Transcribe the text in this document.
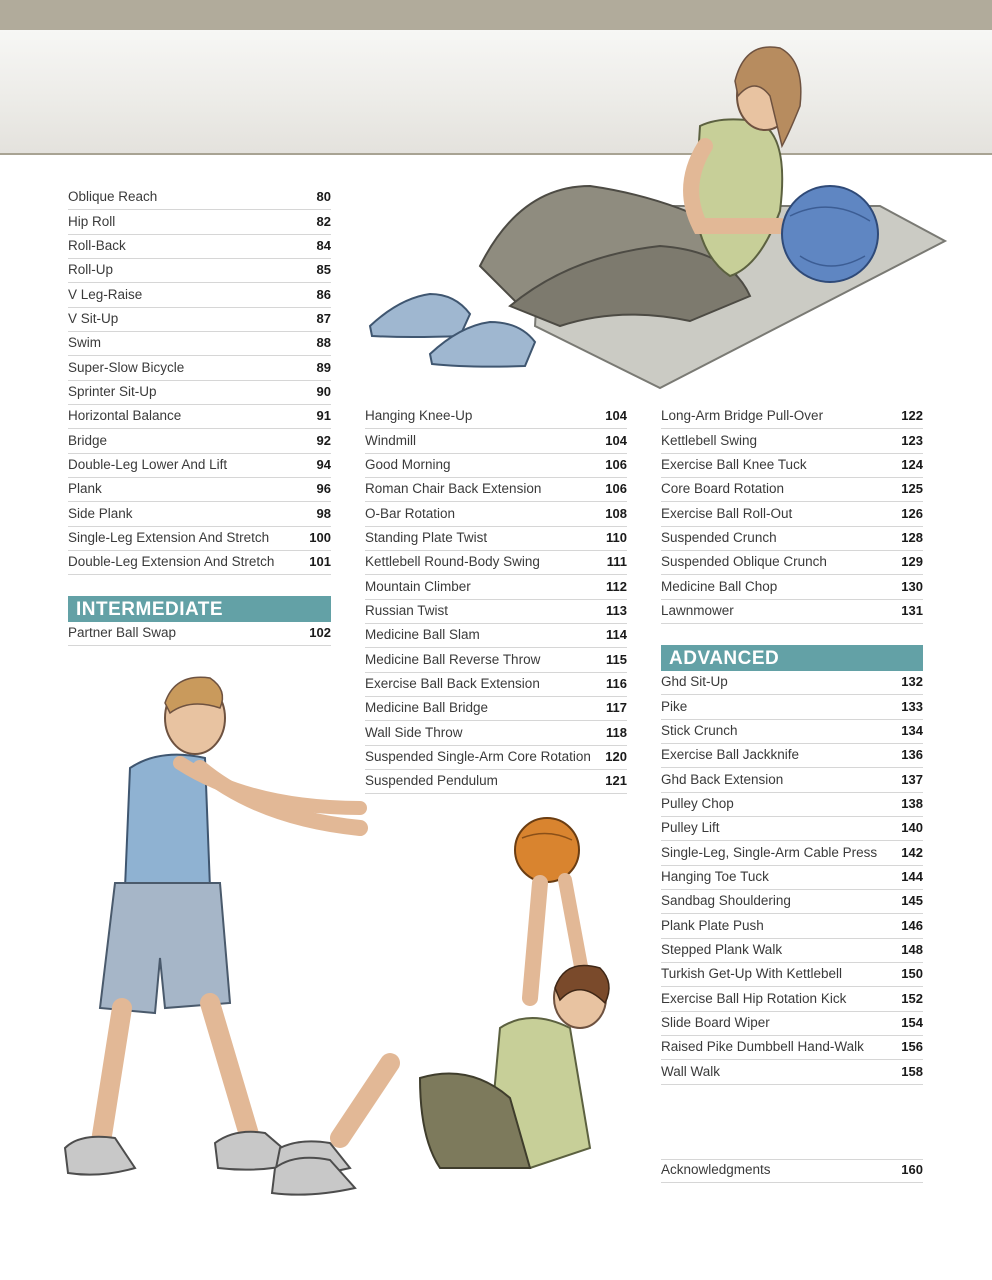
Oblique Reach	80
Hip Roll	82
Roll-Back	84
Roll-Up	85
V Leg-Raise	86
V Sit-Up	87
Swim	88
Super-Slow Bicycle	89
Sprinter Sit-Up	90
Horizontal Balance	91
Bridge	92
Double-Leg Lower And Lift	94
Plank	96
Side Plank	98
Single-Leg Extension And Stretch	100
Double-Leg Extension And Stretch	101
INTERMEDIATE
Partner Ball Swap	102
Hanging Knee-Up	104
Windmill	104
Good Morning	106
Roman Chair Back Extension	106
O-Bar Rotation	108
Standing Plate Twist	110
Kettlebell Round-Body Swing	111
Mountain Climber	112
Russian Twist	113
Medicine Ball Slam	114
Medicine Ball Reverse Throw	115
Exercise Ball Back Extension	116
Medicine Ball Bridge	117
Wall Side Throw	118
Suspended Single-Arm Core Rotation 120
Suspended Pendulum	121
Long-Arm Bridge Pull-Over	122
Kettlebell Swing	123
Exercise Ball Knee Tuck	124
Core Board Rotation	125
Exercise Ball Roll-Out	126
Suspended Crunch	128
Suspended Oblique Crunch	129
Medicine Ball Chop	130
Lawnmower	131
ADVANCED
Ghd Sit-Up	132
Pike	133
Stick Crunch	134
Exercise Ball Jackknife	136
Ghd Back Extension	137
Pulley Chop	138
Pulley Lift	140
Single-Leg, Single-Arm Cable Press 142
Hanging Toe Tuck	144
Sandbag Shouldering	145
Plank Plate Push	146
Stepped Plank Walk	148
Turkish Get-Up With Kettlebell	150
Exercise Ball Hip Rotation Kick	152
Slide Board Wiper	154
Raised Pike Dumbbell Hand-Walk	156
Wall Walk	158
Acknowledgments	160
